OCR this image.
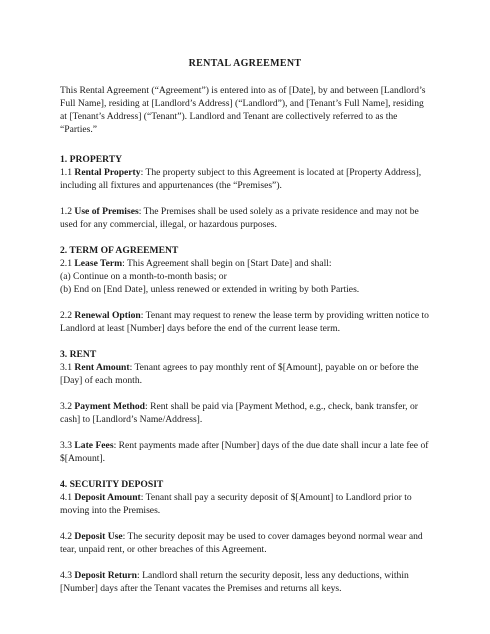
RENTAL AGREEMENT

This Rental Agreement (“Agreement”) is entered into as of [Date], by and between [Landlord’s Full Name], residing at [Landlord’s Address] (“Landlord”), and [Tenant’s Full Name], residing at [Tenant’s Address] (“Tenant”). Landlord and Tenant are collectively referred to as the “Parties.”

1. PROPERTY

1.1 Rental Property: The property subject to this Agreement is located at [Property Address], including all fixtures and appurtenances (the “Premises”).

1.2 Use of Premises: The Premises shall be used solely as a private residence and may not be used for any commercial, illegal, or hazardous purposes.

2. TERM OF AGREEMENT

2.1 Lease Term: This Agreement shall begin on [Start Date] and shall:

(a) Continue on a month-to-month basis; or

(b) End on [End Date], unless renewed or extended in writing by both Parties.

2.2 Renewal Option: Tenant may request to renew the lease term by providing written notice to Landlord at least [Number] days before the end of the current lease term.

3. RENT

3.1 Rent Amount: Tenant agrees to pay monthly rent of $[Amount], payable on or before the [Day] of each month.

3.2 Payment Method: Rent shall be paid via [Payment Method, e.g., check, bank transfer, or cash] to [Landlord’s Name/Address].

3.3 Late Fees: Rent payments made after [Number] days of the due date shall incur a late fee of $[Amount].

4. SECURITY DEPOSIT

4.1 Deposit Amount: Tenant shall pay a security deposit of $[Amount] to Landlord prior to moving into the Premises.

4.2 Deposit Use: The security deposit may be used to cover damages beyond normal wear and tear, unpaid rent, or other breaches of this Agreement.

4.3 Deposit Return: Landlord shall return the security deposit, less any deductions, within [Number] days after the Tenant vacates the Premises and returns all keys.
